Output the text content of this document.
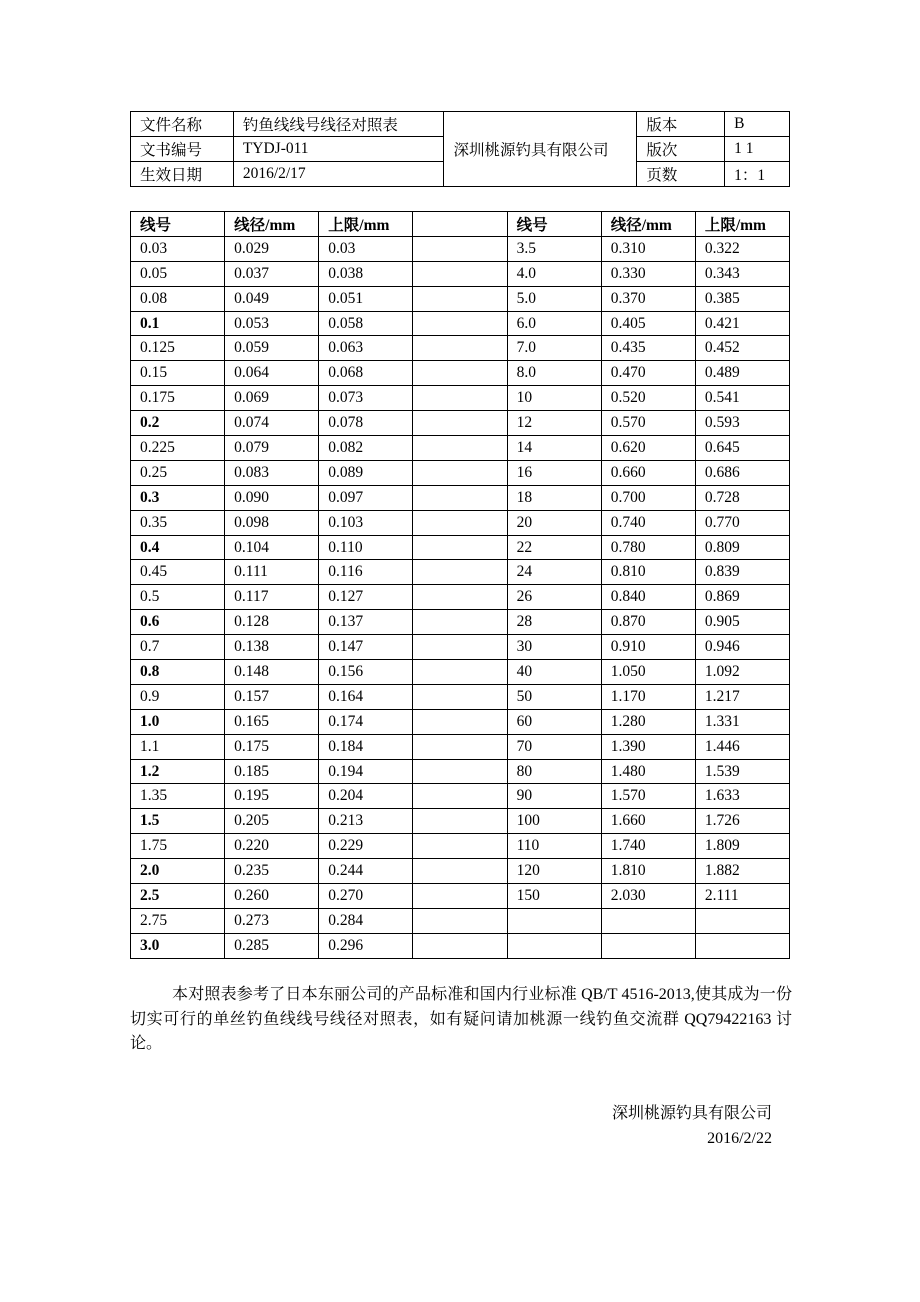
文件名称	钓鱼线线号线径对照表	深圳桃源钓具有限公司	版本	B
文书编号	TYDJ-011		版次	1 1
生效日期	2016/2/17		页数	1：1
线号	线径/mm	上限/mm		线号	线径/mm	上限/mm
0.03	0.029	0.03		3.5	0.310	0.322
0.05	0.037	0.038		4.0	0.330	0.343
0.08	0.049	0.051		5.0	0.370	0.385
0.1	0.053	0.058		6.0	0.405	0.421
0.125	0.059	0.063		7.0	0.435	0.452
0.15	0.064	0.068		8.0	0.470	0.489
0.175	0.069	0.073		10	0.520	0.541
0.2	0.074	0.078		12	0.570	0.593
0.225	0.079	0.082		14	0.620	0.645
0.25	0.083	0.089		16	0.660	0.686
0.3	0.090	0.097		18	0.700	0.728
0.35	0.098	0.103		20	0.740	0.770
0.4	0.104	0.110		22	0.780	0.809
0.45	0.111	0.116		24	0.810	0.839
0.5	0.117	0.127		26	0.840	0.869
0.6	0.128	0.137		28	0.870	0.905
0.7	0.138	0.147		30	0.910	0.946
0.8	0.148	0.156		40	1.050	1.092
0.9	0.157	0.164		50	1.170	1.217
1.0	0.165	0.174		60	1.280	1.331
1.1	0.175	0.184		70	1.390	1.446
1.2	0.185	0.194		80	1.480	1.539
1.35	0.195	0.204		90	1.570	1.633
1.5	0.205	0.213		100	1.660	1.726
1.75	0.220	0.229		110	1.740	1.809
2.0	0.235	0.244		120	1.810	1.882
2.5	0.260	0.270		150	2.030	2.111
2.75	0.273	0.284				
3.0	0.285	0.296				
本对照表参考了日本东丽公司的产品标准和国内行业标准 QB/T 4516-2013,使其成为一份切实可行的单丝钓鱼线线号线径对照表，如有疑问请加桃源一线钓鱼交流群 QQ79422163 讨论。
深圳桃源钓具有限公司
2016/2/22
